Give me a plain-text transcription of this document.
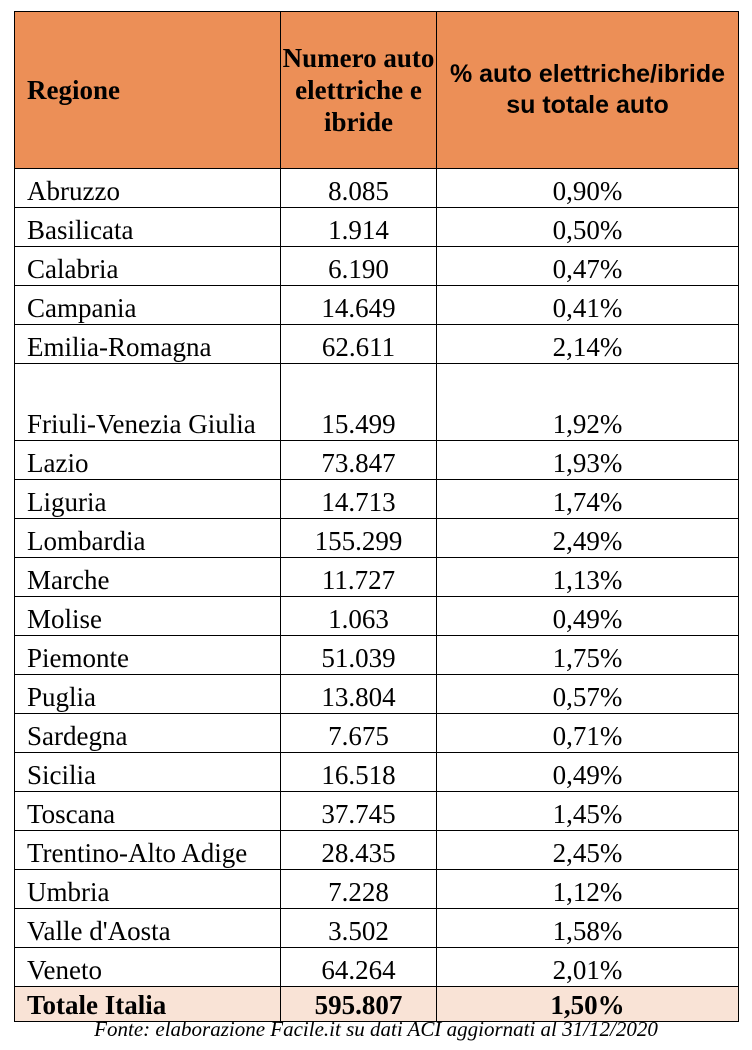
Regione	Numero auto elettriche e ibride	% auto elettriche/ibride su totale auto
Abruzzo	8.085	0,90%
Basilicata	1.914	0,50%
Calabria	6.190	0,47%
Campania	14.649	0,41%
Emilia-Romagna	62.611	2,14%
Friuli-Venezia Giulia	15.499	1,92%
Lazio	73.847	1,93%
Liguria	14.713	1,74%
Lombardia	155.299	2,49%
Marche	11.727	1,13%
Molise	1.063	0,49%
Piemonte	51.039	1,75%
Puglia	13.804	0,57%
Sardegna	7.675	0,71%
Sicilia	16.518	0,49%
Toscana	37.745	1,45%
Trentino-Alto Adige	28.435	2,45%
Umbria	7.228	1,12%
Valle d'Aosta	3.502	1,58%
Veneto	64.264	2,01%
Totale Italia	595.807	1,50%
Fonte: elaborazione Facile.it su dati ACI aggiornati al 31/12/2020
